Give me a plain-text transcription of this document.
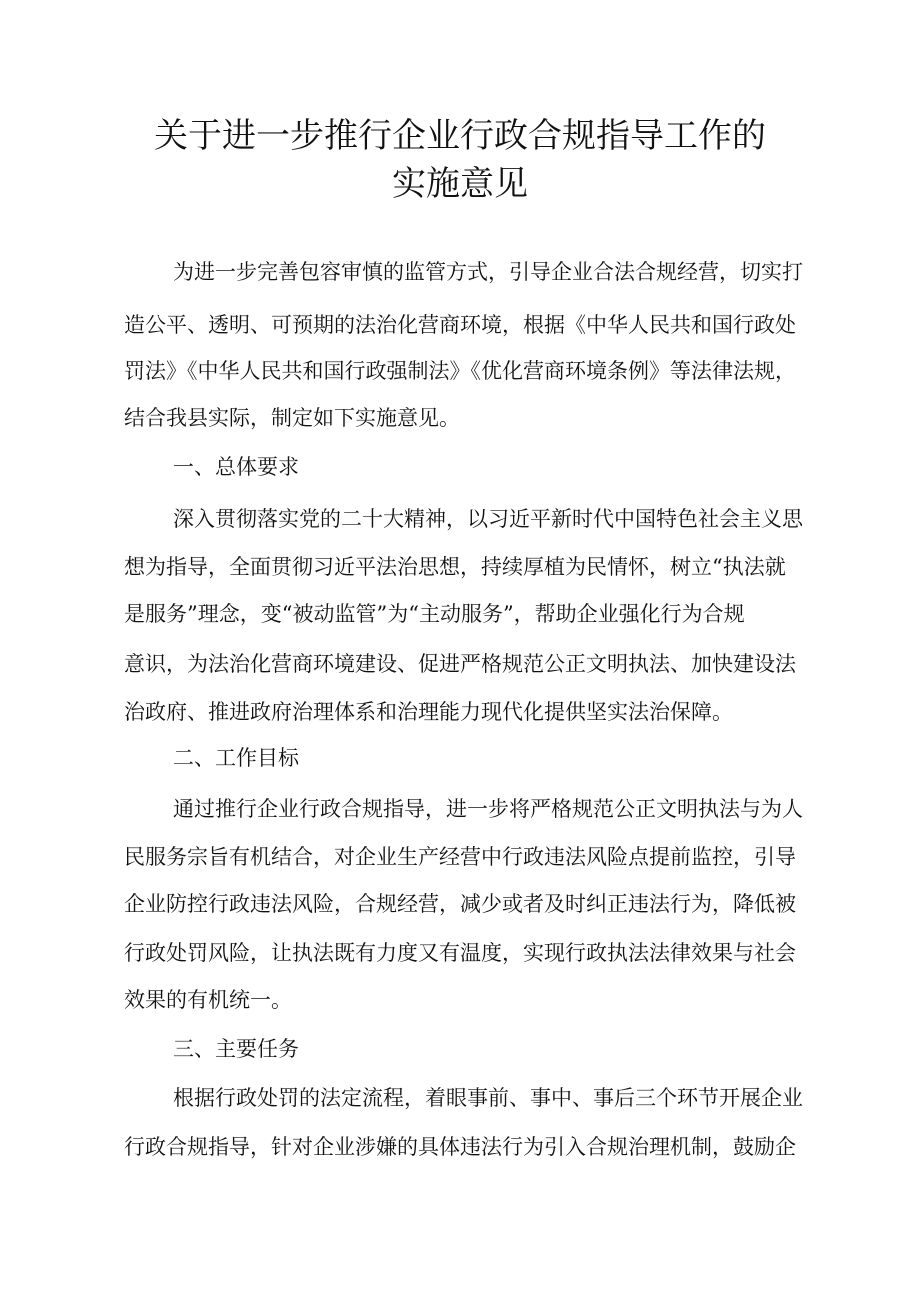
关于进一步推行企业行政合规指导工作的
实施意见
为进一步完善包容审慎的监管方式，引导企业合法合规经营，切实打
造公平、透明、可预期的法治化营商环境，根据《中华人民共和国行政处
罚法》《中华人民共和国行政强制法》《优化营商环境条例》等法律法规，
结合我县实际，制定如下实施意见。
一、总体要求
深入贯彻落实党的二十大精神，以习近平新时代中国特色社会主义思
想为指导，全面贯彻习近平法治思想，持续厚植为民情怀，树立“执法就
是服务”理念，变“被动监管”为“主动服务”，帮助企业强化行为合规
意识，为法治化营商环境建设、促进严格规范公正文明执法、加快建设法
治政府、推进政府治理体系和治理能力现代化提供坚实法治保障。
二、工作目标
通过推行企业行政合规指导，进一步将严格规范公正文明执法与为人
民服务宗旨有机结合，对企业生产经营中行政违法风险点提前监控，引导
企业防控行政违法风险，合规经营，减少或者及时纠正违法行为，降低被
行政处罚风险，让执法既有力度又有温度，实现行政执法法律效果与社会
效果的有机统一。
三、主要任务
根据行政处罚的法定流程，着眼事前、事中、事后三个环节开展企业
行政合规指导，针对企业涉嫌的具体违法行为引入合规治理机制，鼓励企
